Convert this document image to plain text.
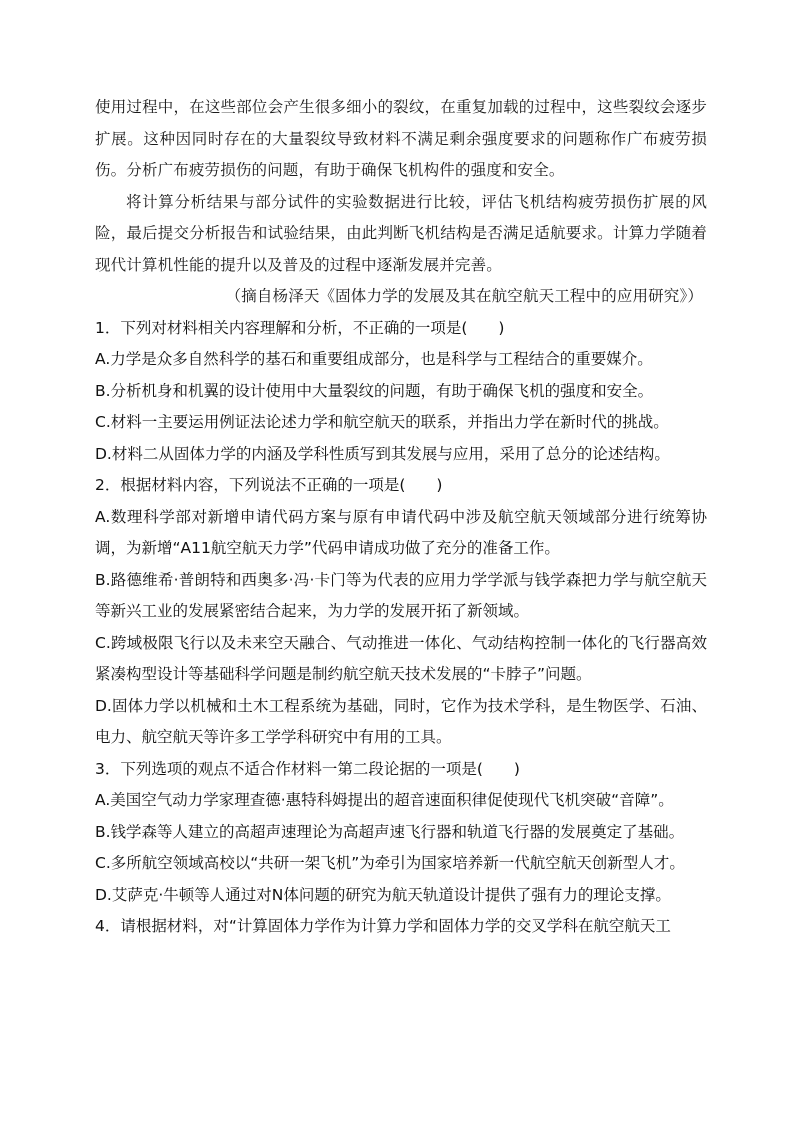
使用过程中，在这些部位会产生很多细小的裂纹，在重复加载的过程中，这些裂纹会逐步扩展。这种因同时存在的大量裂纹导致材料不满足剩余强度要求的问题称作广布疲劳损伤。分析广布疲劳损伤的问题，有助于确保飞机构件的强度和安全。

将计算分析结果与部分试件的实验数据进行比较，评估飞机结构疲劳损伤扩展的风险，最后提交分析报告和试验结果，由此判断飞机结构是否满足适航要求。计算力学随着现代计算机性能的提升以及普及的过程中逐渐发展并完善。

（摘自杨泽天《固体力学的发展及其在航空航天工程中的应用研究》）

1．下列对材料相关内容理解和分析，不正确的一项是(　　)

A.力学是众多自然科学的基石和重要组成部分，也是科学与工程结合的重要媒介。

B.分析机身和机翼的设计使用中大量裂纹的问题，有助于确保飞机的强度和安全。

C.材料一主要运用例证法论述力学和航空航天的联系，并指出力学在新时代的挑战。

D.材料二从固体力学的内涵及学科性质写到其发展与应用，采用了总分的论述结构。

2．根据材料内容，下列说法不正确的一项是(　　)

A.数理科学部对新增申请代码方案与原有申请代码中涉及航空航天领域部分进行统筹协调，为新增“A11航空航天力学”代码申请成功做了充分的准备工作。

B.路德维希·普朗特和西奥多·冯·卡门等为代表的应用力学学派与钱学森把力学与航空航天等新兴工业的发展紧密结合起来，为力学的发展开拓了新领域。

C.跨域极限飞行以及未来空天融合、气动推进一体化、气动结构控制一体化的飞行器高效紧凑构型设计等基础科学问题是制约航空航天技术发展的“卡脖子”问题。

D.固体力学以机械和土木工程系统为基础，同时，它作为技术学科，是生物医学、石油、电力、航空航天等许多工学学科研究中有用的工具。

3．下列选项的观点不适合作材料一第二段论据的一项是(　　)

A.美国空气动力学家理查德·惠特科姆提出的超音速面积律促使现代飞机突破“音障”。

B.钱学森等人建立的高超声速理论为高超声速飞行器和轨道飞行器的发展奠定了基础。

C.多所航空领域高校以“共研一架飞机”为牵引为国家培养新一代航空航天创新型人才。

D.艾萨克·牛顿等人通过对N体问题的研究为航天轨道设计提供了强有力的理论支撑。

4．请根据材料，对“计算固体力学作为计算力学和固体力学的交叉学科在航空航天工
